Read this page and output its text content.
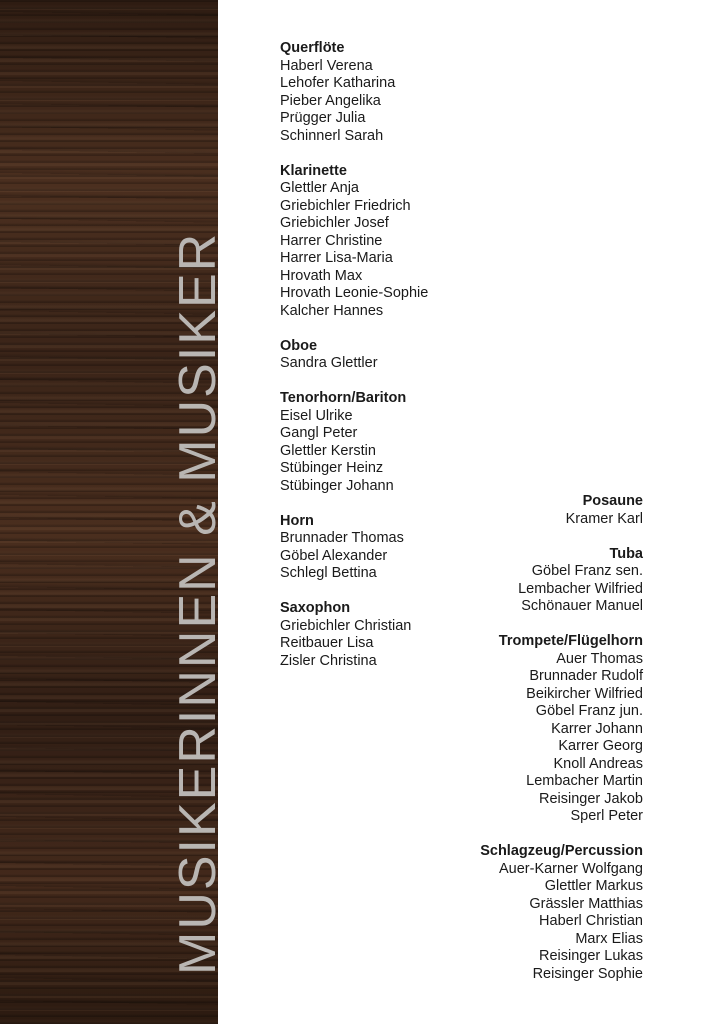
MUSIKERINNEN & MUSIKER
Querflöte
Haberl Verena
Lehofer Katharina
Pieber Angelika
Prügger Julia
Schinnerl Sarah
Klarinette
Glettler Anja
Griebichler Friedrich
Griebichler Josef
Harrer Christine
Harrer Lisa-Maria
Hrovath Max
Hrovath Leonie-Sophie
Kalcher Hannes
Oboe
Sandra Glettler
Tenorhorn/Bariton
Eisel Ulrike
Gangl Peter
Glettler Kerstin
Stübinger Heinz
Stübinger Johann
Horn
Brunnader Thomas
Göbel Alexander
Schlegl Bettina
Saxophon
Griebichler Christian
Reitbauer Lisa
Zisler Christina
Posaune
Kramer Karl
Tuba
Göbel Franz sen.
Lembacher Wilfried
Schönauer Manuel
Trompete/Flügelhorn
Auer Thomas
Brunnader Rudolf
Beikircher Wilfried
Göbel Franz jun.
Karrer Johann
Karrer Georg
Knoll Andreas
Lembacher Martin
Reisinger Jakob
Sperl Peter
Schlagzeug/Percussion
Auer-Karner Wolfgang
Glettler Markus
Grässler Matthias
Haberl Christian
Marx Elias
Reisinger Lukas
Reisinger Sophie
